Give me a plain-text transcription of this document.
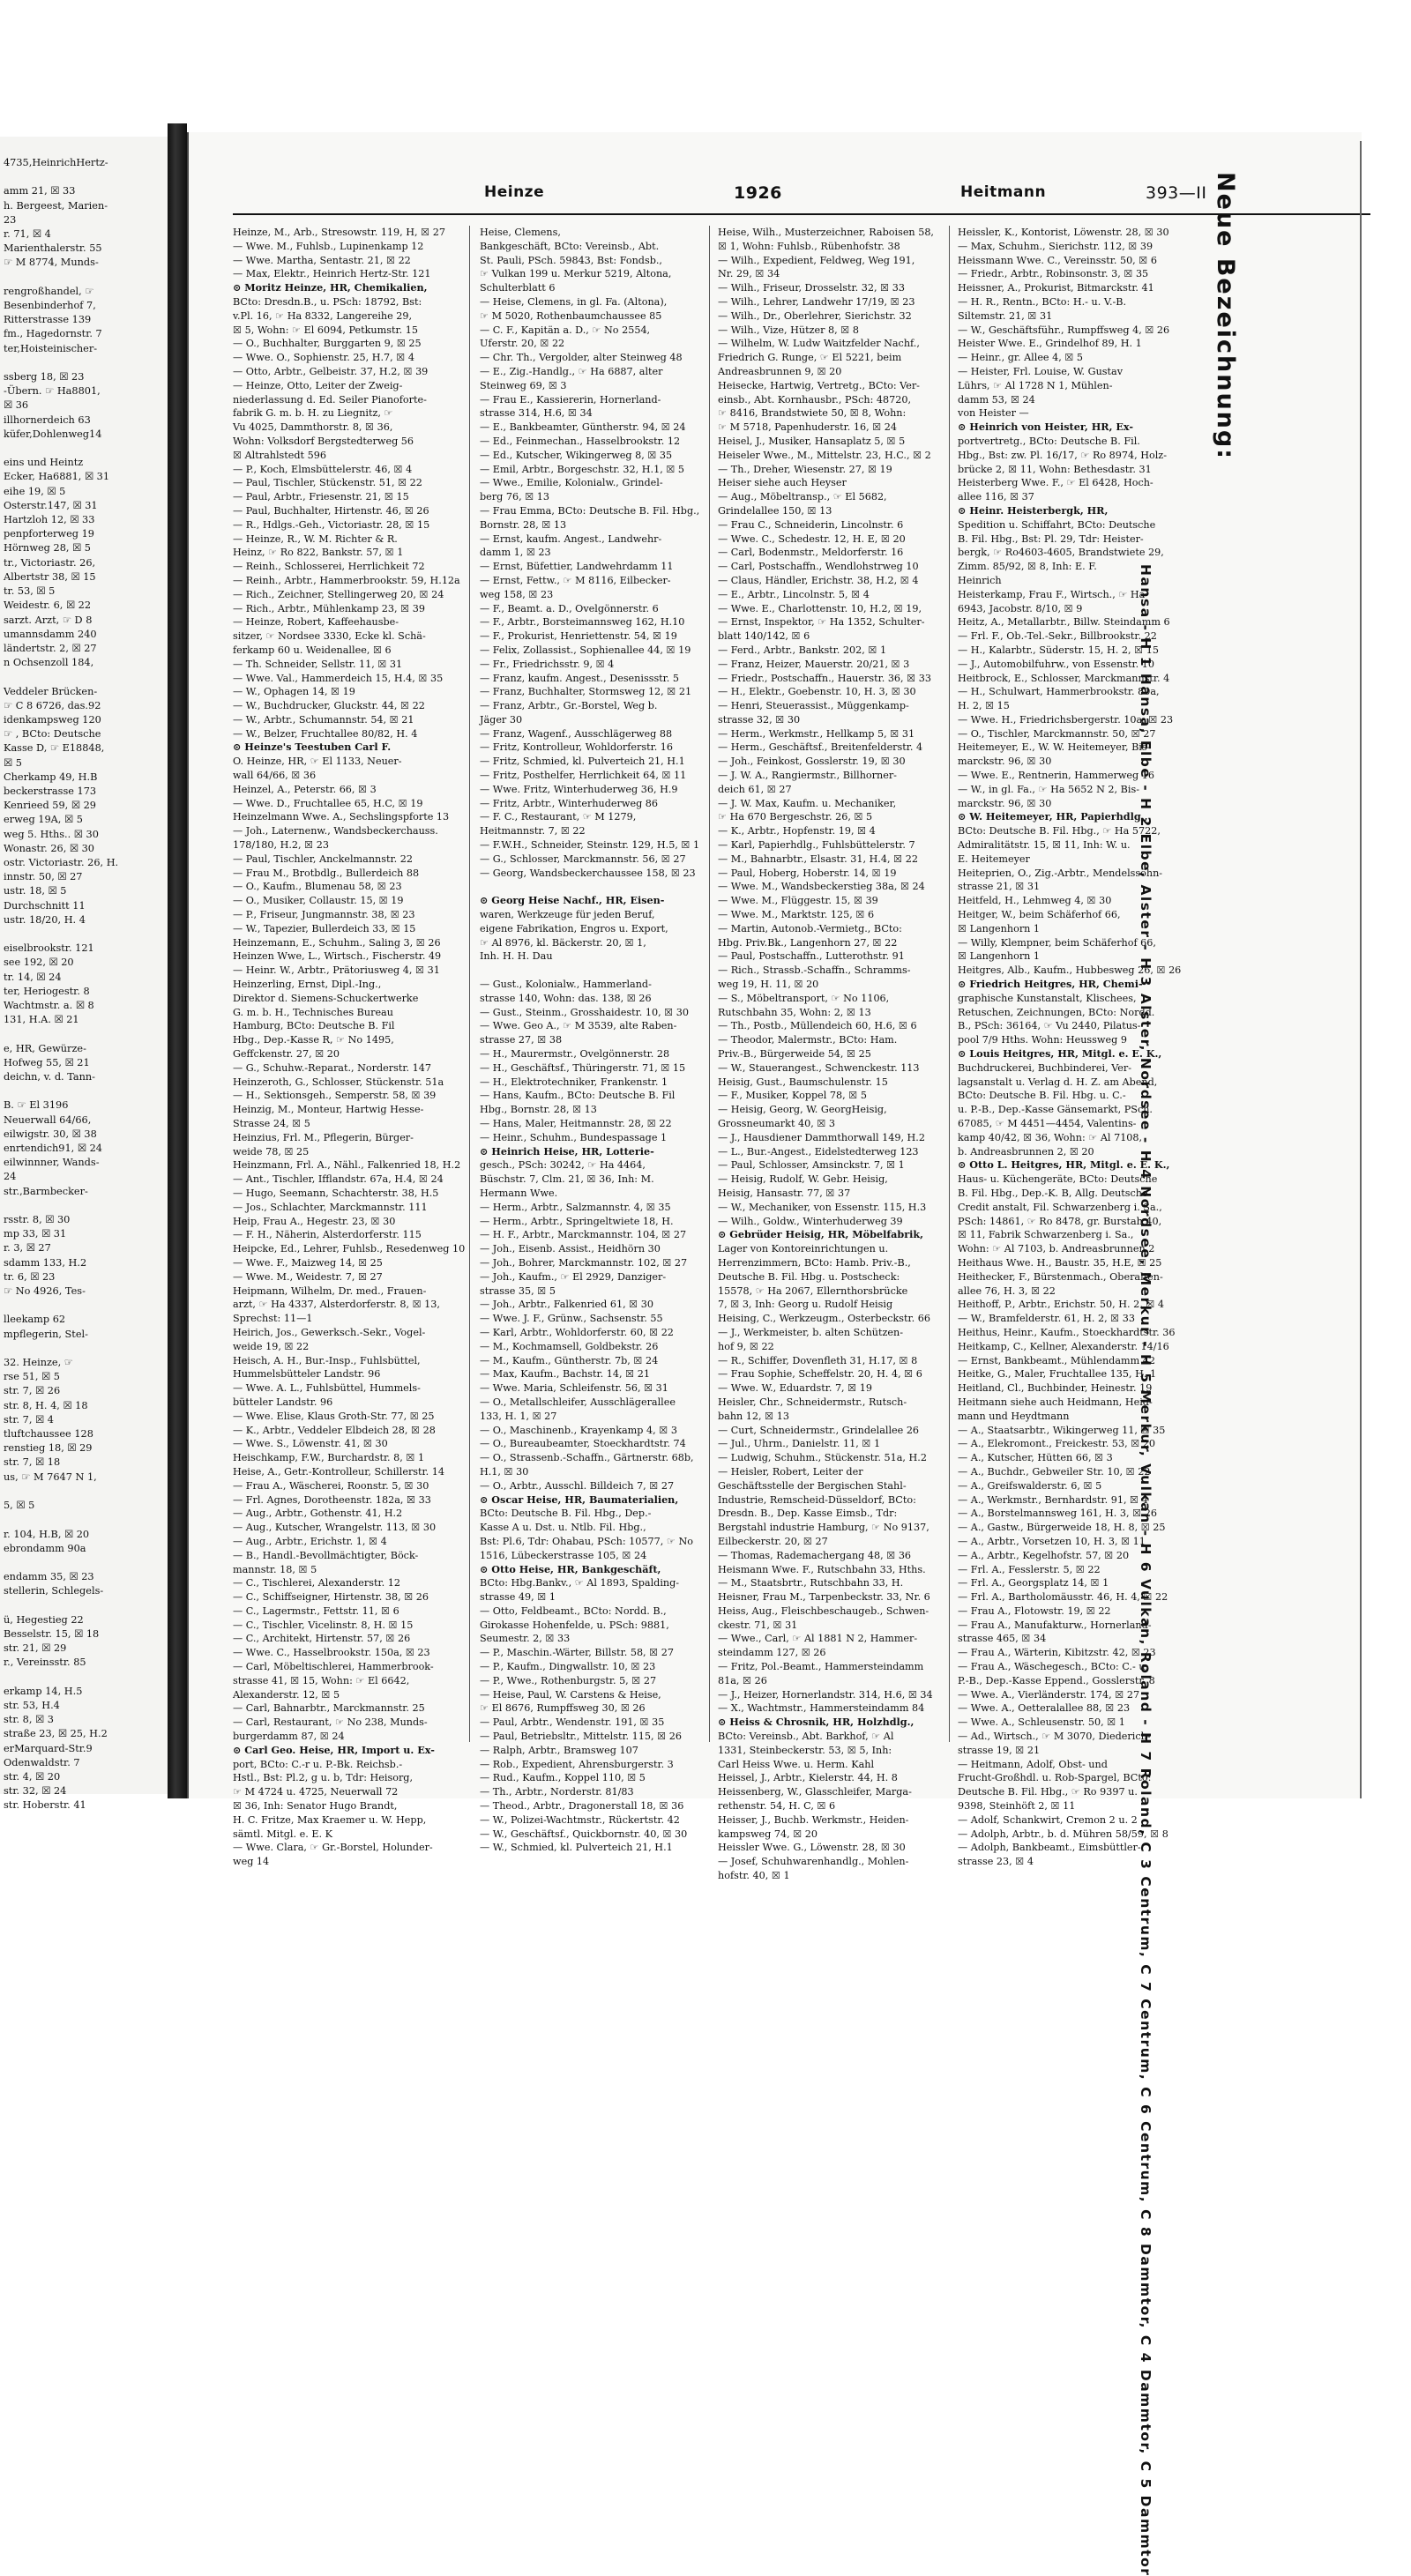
4735,HeinrichHertz-

amm 21, ☒ 33
h. Bergeest, Marien-
23
r. 71, ☒ 4
Marienthalerstr. 55
☞ M 8774, Munds-

rengroßhandel, ☞
Besenbinderhof 7,
Ritterstrasse 139
fm., Hagedornstr. 7
ter,Hoisteinischer-

ssberg 18, ☒ 23
-Übern. ☞ Ha8801,
☒ 36
illhornerdeich 63
küfer,Dohlenweg14

eins und Heintz
Ecker, Ha6881, ☒ 31
eihe 19, ☒ 5
Osterstr.147, ☒ 31
Hartzloh 12, ☒ 33
penpforterweg 19
Hörnweg 28, ☒ 5
tr., Victoriastr. 26,
Albertstr 38, ☒ 15
tr. 53, ☒ 5
Weidestr. 6, ☒ 22
sarzt. Arzt, ☞ D 8
umannsdamm 240
ländertstr. 2, ☒ 27
n Ochsenzoll 184,

Veddeler Brücken-
☞ C 8 6726, das.92
idenkampsweg 120
☞ , BCto: Deutsche
Kasse D, ☞ E18848,
☒ 5
Cherkamp 49, H.B
beckerstrasse 173
Kenrieed 59, ☒ 29
erweg 19A, ☒ 5
weg 5. Hths.. ☒ 30
Wonastr. 26, ☒ 30
ostr. Victoriastr. 26, H.
innstr. 50, ☒ 27
ustr. 18, ☒ 5
Durchschnitt 11
ustr. 18/20, H. 4

eiselbrookstr. 121
see 192, ☒ 20
tr. 14, ☒ 24
ter, Heriogestr. 8
Wachtmstr. a. ☒ 8
131, H.A. ☒ 21

e, HR, Gewürze-
Hofweg 55, ☒ 21
deichn, v. d. Tann-

B. ☞ El 3196
Neuerwall 64/66,
eilwigstr. 30, ☒ 38
enrtendich91, ☒ 24
eilwinnner, Wands-
24
str.,Barmbecker-

rsstr. 8, ☒ 30
mp 33, ☒ 31
r. 3, ☒ 27
sdamm 133, H.2
tr. 6, ☒ 23
☞ No 4926, Tes-

lleekamp 62
mpflegerin, Stel-

32. Heinze, ☞
rse 51, ☒ 5
str. 7, ☒ 26
str. 8, H. 4, ☒ 18
str. 7, ☒ 4
tluftchaussee 128
renstieg 18, ☒ 29
str. 7, ☒ 18
us, ☞ M 7647 N 1,

5, ☒ 5

r. 104, H.B, ☒ 20
ebrondamm 90a

endamm 35, ☒ 23
stellerin, Schlegels-

ü, Hegestieg 22
Besselstr. 15, ☒ 18
str. 21, ☒ 29
r., Vereinsstr. 85

erkamp 14, H.5
str. 53, H.4
str. 8, ☒ 3
straße 23, ☒ 25, H.2
erMarquard-Str.9
Odenwaldstr. 7
str. 4, ☒ 20
str. 32, ☒ 24
str. Hoberstr. 41
Heinze	1926	Heitmann	393—II
Heinze, M., Arb., Stresowstr. 119, H, ☒ 27
— Wwe. M., Fuhlsb., Lupinenkamp 12
— Wwe. Martha, Sentastr. 21, ☒ 22
— Max, Elektr., Heinrich Hertz-Str. 121
⊙ Moritz Heinze, HR, Chemikalien,
BCto: Dresdn.B., u. PSch: 18792, Bst:
v.Pl. 16, ☞ Ha 8332, Langereihe 29,
☒ 5, Wohn: ☞ El 6094, Petkumstr. 15
— O., Buchhalter, Burggarten 9, ☒ 25
— Wwe. O., Sophienstr. 25, H.7, ☒ 4
— Otto, Arbtr., Gelbeistr. 37, H.2, ☒ 39
— Heinze, Otto, Leiter der Zweig-
niederlassung d. Ed. Seiler Pianoforte-
fabrik G. m. b. H. zu Liegnitz, ☞
Vu 4025, Dammthorstr. 8, ☒ 36,
Wohn: Volksdorf Bergstedterweg 56
☒ Altrahlstedt 596
— P., Koch, Elmsbüttelerstr. 46, ☒ 4
— Paul, Tischler, Stückenstr. 51, ☒ 22
— Paul, Arbtr., Friesenstr. 21, ☒ 15
— Paul, Buchhalter, Hirtenstr. 46, ☒ 26
— R., Hdlgs.-Geh., Victoriastr. 28, ☒ 15
— Heinze, R., W. M. Richter & R.
Heinz, ☞ Ro 822, Bankstr. 57, ☒ 1
— Reinh., Schlosserei, Herrlichkeit 72
— Reinh., Arbtr., Hammerbrookstr. 59, H.12a
— Rich., Zeichner, Stellingerweg 20, ☒ 24
— Rich., Arbtr., Mühlenkamp 23, ☒ 39
— Heinze, Robert, Kaffeehausbe-
sitzer, ☞ Nordsee 3330, Ecke kl. Schä-
ferkamp 60 u. Weidenallee, ☒ 6
— Th. Schneider, Sellstr. 11, ☒ 31
— Wwe. Val., Hammerdeich 15, H.4, ☒ 35
— W., Ophagen 14, ☒ 19
— W., Buchdrucker, Gluckstr. 44, ☒ 22
— W., Arbtr., Schumannstr. 54, ☒ 21
— W., Belzer, Fruchtallee 80/82, H. 4
⊙ Heinze's Teestuben Carl F.
O. Heinze, HR, ☞ El 1133, Neuer-
wall 64/66, ☒ 36
Heinzel, A., Peterstr. 66, ☒ 3
— Wwe. D., Fruchtallee 65, H.C, ☒ 19
Heinzelmann Wwe. A., Sechslingspforte 13
— Joh., Laternenw., Wandsbeckerchauss.
178/180, H.2, ☒ 23
— Paul, Tischler, Anckelmannstr. 22
— Frau M., Brotbdlg., Bullerdeich 88
— O., Kaufm., Blumenau 58, ☒ 23
— O., Musiker, Collaustr. 15, ☒ 19
— P., Friseur, Jungmannstr. 38, ☒ 23
— W., Tapezier, Bullerdeich 33, ☒ 15
Heinzemann, E., Schuhm., Saling 3, ☒ 26
Heinzen Wwe, L., Wirtsch., Fischerstr. 49
— Heinr. W., Arbtr., Prätoriusweg 4, ☒ 31
Heinzerling, Ernst, Dipl.-Ing.,
Direktor d. Siemens-Schuckertwerke
G. m. b. H., Technisches Bureau
Hamburg, BCto: Deutsche B. Fil
Hbg., Dep.-Kasse R, ☞ No 1495,
Geffckenstr. 27, ☒ 20
— G., Schuhw.-Reparat., Norderstr. 147
Heinzeroth, G., Schlosser, Stückenstr. 51a
— H., Sektionsgeh., Semperstr. 58, ☒ 39
Heinzig, M., Monteur, Hartwig Hesse-
Strasse 24, ☒ 5
Heinzius, Frl. M., Pflegerin, Bürger-
weide 78, ☒ 25
Heinzmann, Frl. A., Nähl., Falkenried 18, H.2
— Ant., Tischler, Ifflandstr. 67a, H.4, ☒ 24
— Hugo, Seemann, Schachterstr. 38, H.5
— Jos., Schlachter, Marckmannstr. 111
Heip, Frau A., Hegestr. 23, ☒ 30
— F. H., Näherin, Alsterdorferstr. 115
Heipcke, Ed., Lehrer, Fuhlsb., Resedenweg 10
— Wwe. F., Maizweg 14, ☒ 25
— Wwe. M., Weidestr. 7, ☒ 27
Heipmann, Wilhelm, Dr. med., Frauen-
arzt, ☞ Ha 4337, Alsterdorferstr. 8, ☒ 13,
Sprechst: 11—1
Heirich, Jos., Gewerksch.-Sekr., Vogel-
weide 19, ☒ 22
Heisch, A. H., Bur.-Insp., Fuhlsbüttel,
Hummelsbütteler Landstr. 96
— Wwe. A. L., Fuhlsbüttel, Hummels-
bütteler Landstr. 96
— Wwe. Elise, Klaus Groth-Str. 77, ☒ 25
— K., Arbtr., Veddeler Elbdeich 28, ☒ 28
— Wwe. S., Löwenstr. 41, ☒ 30
Heischkamp, F.W., Burchardstr. 8, ☒ 1
Heise, A., Getr.-Kontrolleur, Schillerstr. 14
— Frau A., Wäscherei, Roonstr. 5, ☒ 30
— Frl. Agnes, Dorotheenstr. 182a, ☒ 33
— Aug., Arbtr., Gothenstr. 41, H.2
— Aug., Kutscher, Wrangelstr. 113, ☒ 30
— Aug., Arbtr., Erichstr. 1, ☒ 4
— B., Handl.-Bevollmächtigter, Böck-
mannstr. 18, ☒ 5
— C., Tischlerei, Alexanderstr. 12
— C., Schiffseigner, Hirtenstr. 38, ☒ 26
— C., Lagermstr., Fettstr. 11, ☒ 6
— C., Tischler, Vicelinstr. 8, H. ☒ 15
— C., Architekt, Hirtenstr. 57, ☒ 26
— Wwe. C., Hasselbrookstr. 150a, ☒ 23
— Carl, Möbeltischlerei, Hammerbrook-
strasse 41, ☒ 15, Wohn: ☞ El 6642,
Alexanderstr. 12, ☒ 5
— Carl, Bahnarbtr., Marckmannstr. 25
— Carl, Restaurant, ☞ No 238, Munds-
burgerdamm 87, ☒ 24
⊙ Carl Geo. Heise, HR, Import u. Ex-
port, BCto: C.-r u. P.-Bk. Reichsb.-
Hstl., Bst: Pl.2, g u. b, Tdr: Heisorg,
☞ M 4724 u. 4725, Neuerwall 72
☒ 36, Inh: Senator Hugo Brandt,
H. C. Fritze, Max Kraemer u. W. Hepp,
sämtl. Mitgl. e. E. K
— Wwe. Clara, ☞ Gr.-Borstel, Holunder-
weg 14
Heise, Clemens,
Bankgeschäft, BCto: Vereinsb., Abt.
St. Pauli, PSch. 59843, Bst: Fondsb.,
☞ Vulkan 199 u. Merkur 5219, Altona,
Schulterblatt 6
— Heise, Clemens, in gl. Fa. (Altona),
☞ M 5020, Rothenbaumchaussee 85
— C. F., Kapitän a. D., ☞ No 2554,
Uferstr. 20, ☒ 22
— Chr. Th., Vergolder, alter Steinweg 48
— E., Zig.-Handlg., ☞ Ha 6887, alter
Steinweg 69, ☒ 3
— Frau E., Kassiererin, Hornerland-
strasse 314, H.6, ☒ 34
— E., Bankbeamter, Güntherstr. 94, ☒ 24
— Ed., Feinmechan., Hasselbrookstr. 12
— Ed., Kutscher, Wikingerweg 8, ☒ 35
— Emil, Arbtr., Borgeschstr. 32, H.1, ☒ 5
— Wwe., Emilie, Kolonialw., Grindel-
berg 76, ☒ 13
— Frau Emma, BCto: Deutsche B. Fil. Hbg.,
Bornstr. 28, ☒ 13
— Ernst, kaufm. Angest., Landwehr-
damm 1, ☒ 23
— Ernst, Büfettier, Landwehrdamm 11
— Ernst, Fettw., ☞ M 8116, Eilbecker-
weg 158, ☒ 23
— F., Beamt. a. D., Ovelgönnerstr. 6
— F., Arbtr., Borsteimannsweg 162, H.10
— F., Prokurist, Henriettenstr. 54, ☒ 19
— Felix, Zollassist., Sophienallee 44, ☒ 19
— Fr., Friedrichsstr. 9, ☒ 4
— Franz, kaufm. Angest., Desenissstr. 5
— Franz, Buchhalter, Stormsweg 12, ☒ 21
— Franz, Arbtr., Gr.-Borstel, Weg b.
Jäger 30
— Franz, Wagenf., Ausschlägerweg 88
— Fritz, Kontrolleur, Wohldorferstr. 16
— Fritz, Schmied, kl. Pulverteich 21, H.1
— Fritz, Posthelfer, Herrlichkeit 64, ☒ 11
— Wwe. Fritz, Winterhuderweg 36, H.9
— Fritz, Arbtr., Winterhuderweg 86
— F. C., Restaurant, ☞ M 1279,
Heitmannstr. 7, ☒ 22
— F.W.H., Schneider, Steinstr. 129, H.5, ☒ 1
— G., Schlosser, Marckmannstr. 56, ☒ 27
— Georg, Wandsbeckerchaussee 158, ☒ 23

⊙ Georg Heise Nachf., HR, Eisen-
waren, Werkzeuge für jeden Beruf,
eigene Fabrikation, Engros u. Export,
☞ Al 8976, kl. Bäckerstr. 20, ☒ 1,
Inh. H. H. Dau

— Gust., Kolonialw., Hammerland-
strasse 140, Wohn: das. 138, ☒ 26
— Gust., Steinm., Grosshaidestr. 10, ☒ 30
— Wwe. Geo A., ☞ M 3539, alte Raben-
strasse 27, ☒ 38
— H., Maurermstr., Ovelgönnerstr. 28
— H., Geschäftsf., Thüringerstr. 71, ☒ 15
— H., Elektrotechniker, Frankenstr. 1
— Hans, Kaufm., BCto: Deutsche B. Fil
Hbg., Bornstr. 28, ☒ 13
— Hans, Maler, Heitmannstr. 28, ☒ 22
— Heinr., Schuhm., Bundespassage 1
⊙ Heinrich Heise, HR, Lotterie-
gesch., PSch: 30242, ☞ Ha 4464,
Büschstr. 7, Clm. 21, ☒ 36, Inh: M.
Hermann Wwe.
— Herm., Arbtr., Salzmannstr. 4, ☒ 35
— Herm., Arbtr., Springeltwiete 18, H.
— H. F., Arbtr., Marckmannstr. 104, ☒ 27
— Joh., Eisenb. Assist., Heidhörn 30
— Joh., Bohrer, Marckmannstr. 102, ☒ 27
— Joh., Kaufm., ☞ El 2929, Danziger-
strasse 35, ☒ 5
— Joh., Arbtr., Falkenried 61, ☒ 30
— Wwe. J. F., Grünw., Sachsenstr. 55
— Karl, Arbtr., Wohldorferstr. 60, ☒ 22
— M., Kochmamsell, Goldbekstr. 26
— M., Kaufm., Güntherstr. 7b, ☒ 24
— Max, Kaufm., Bachstr. 14, ☒ 21
— Wwe. Maria, Schleifenstr. 56, ☒ 31
— O., Metallschleifer, Ausschlägerallee
133, H. 1, ☒ 27
— O., Maschinenb., Krayenkamp 4, ☒ 3
— O., Bureaubeamter, Stoeckhardtstr. 74
— O., Strassenb.-Schaffn., Gärtnerstr. 68b,
H.1, ☒ 30
— O., Arbtr., Ausschl. Billdeich 7, ☒ 27
⊙ Oscar Heise, HR, Baumaterialien,
BCto: Deutsche B. Fil. Hbg., Dep.-
Kasse A u. Dst. u. Ntlb. Fil. Hbg.,
Bst: Pl.6, Tdr: Ohabau, PSch: 10577, ☞ No
1516, Lübeckerstrasse 105, ☒ 24
⊙ Otto Heise, HR, Bankgeschäft,
BCto: Hbg.Bankv., ☞ Al 1893, Spalding-
strasse 49, ☒ 1
— Otto, Feldbeamt., BCto: Nordd. B.,
Girokasse Hohenfelde, u. PSch: 9881,
Seumestr. 2, ☒ 33
— P., Maschin.-Wärter, Billstr. 58, ☒ 27
— P., Kaufm., Dingwallstr. 10, ☒ 23
— P., Wwe., Rothenburgstr. 5, ☒ 27
— Heise, Paul, W. Carstens & Heise,
☞ El 8676, Rumpffsweg 30, ☒ 26
— Paul, Arbtr., Wendenstr. 191, ☒ 35
— Paul, Betriebsltr., Mittelstr. 115, ☒ 26
— Ralph, Arbtr., Bramsweg 107
— Rob., Expedient, Ahrensburgerstr. 3
— Rud., Kaufm., Koppel 110, ☒ 5
— Th., Arbtr., Norderstr. 81/83
— Theod., Arbtr., Dragonerstall 18, ☒ 36
— W., Polizei-Wachtmstr., Rückertstr. 42
— W., Geschäftsf., Quickbornstr. 40, ☒ 30
— W., Schmied, kl. Pulverteich 21, H.1
Heise, Wilh., Musterzeichner, Raboisen 58,
☒ 1, Wohn: Fuhlsb., Rübenhofstr. 38
— Wilh., Expedient, Feldweg, Weg 191,
Nr. 29, ☒ 34
— Wilh., Friseur, Drosselstr. 32, ☒ 33
— Wilh., Lehrer, Landwehr 17/19, ☒ 23
— Wilh., Dr., Oberlehrer, Sierichstr. 32
— Wilh., Vize, Hützer 8, ☒ 8
— Wilhelm, W. Ludw Waitzfelder Nachf.,
Friedrich G. Runge, ☞ El 5221, beim
Andreasbrunnen 9, ☒ 20
Heisecke, Hartwig, Vertretg., BCto: Ver-
einsb., Abt. Kornhausbr., PSch: 48720,
☞ 8416, Brandstwiete 50, ☒ 8, Wohn:
☞ M 5718, Papenhuderstr. 16, ☒ 24
Heisel, J., Musiker, Hansaplatz 5, ☒ 5
Heiseler Wwe., M., Mittelstr. 23, H.C., ☒ 2
— Th., Dreher, Wiesenstr. 27, ☒ 19
Heiser siehe auch Heyser
— Aug., Möbeltransp., ☞ El 5682,
Grindelallee 150, ☒ 13
— Frau C., Schneiderin, Lincolnstr. 6
— Wwe. C., Schedestr. 12, H. E, ☒ 20
— Carl, Bodenmstr., Meldorferstr. 16
— Carl, Postschaffn., Wendlohstrweg 10
— Claus, Händler, Erichstr. 38, H.2, ☒ 4
— E., Arbtr., Lincolnstr. 5, ☒ 4
— Wwe. E., Charlottenstr. 10, H.2, ☒ 19,
— Ernst, Inspektor, ☞ Ha 1352, Schulter-
blatt 140/142, ☒ 6
— Ferd., Arbtr., Bankstr. 202, ☒ 1
— Franz, Heizer, Mauerstr. 20/21, ☒ 3
— Friedr., Postschaffn., Hauerstr. 36, ☒ 33
— H., Elektr., Goebenstr. 10, H. 3, ☒ 30
— Henri, Steuerassist., Müggenkamp-
strasse 32, ☒ 30
— Herm., Werkmstr., Hellkamp 5, ☒ 31
— Herm., Geschäftsf., Breitenfelderstr. 4
— Joh., Feinkost, Gosslerstr. 19, ☒ 30
— J. W. A., Rangiermstr., Billhorner-
deich 61, ☒ 27
— J. W. Max, Kaufm. u. Mechaniker,
☞ Ha 670 Bergeschstr. 26, ☒ 5
— K., Arbtr., Hopfenstr. 19, ☒ 4
— Karl, Papierhdlg., Fuhlsbüttelerstr. 7
— M., Bahnarbtr., Elsastr. 31, H.4, ☒ 22
— Paul, Hoberg, Hoberstr. 14, ☒ 19
— Wwe. M., Wandsbeckerstieg 38a, ☒ 24
— Wwe. M., Flüggestr. 15, ☒ 39
— Wwe. M., Marktstr. 125, ☒ 6
— Martin, Autonob.-Vermietg., BCto:
Hbg. Priv.Bk., Langenhorn 27, ☒ 22
— Paul, Postschaffn., Lutterothstr. 91
— Rich., Strassb.-Schaffn., Schramms-
weg 19, H. 11, ☒ 20
— S., Möbeltransport, ☞ No 1106,
Rutschbahn 35, Wohn: 2, ☒ 13
— Th., Postb., Müllendeich 60, H.6, ☒ 6
— Theodor, Malermstr., BCto: Ham.
Priv.-B., Bürgerweide 54, ☒ 25
— W., Stauerangest., Schwenckestr. 113
Heisig, Gust., Baumschulenstr. 15
— F., Musiker, Koppel 78, ☒ 5
— Heisig, Georg, W. GeorgHeisig,
Grossneumarkt 40, ☒ 3
— J., Hausdiener Dammthorwall 149, H.2
— L., Bur.-Angest., Eidelstedterweg 123
— Paul, Schlosser, Amsinckstr. 7, ☒ 1
— Heisig, Rudolf, W. Gebr. Heisig,
Heisig, Hansastr. 77, ☒ 37
— W., Mechaniker, von Essenstr. 115, H.3
— Wilh., Goldw., Winterhuderweg 39
⊙ Gebrüder Heisig, HR, Möbelfabrik,
Lager von Kontoreinrichtungen u.
Herrenzimmern, BCto: Hamb. Priv.-B.,
Deutsche B. Fil. Hbg. u. Postscheck:
15578, ☞ Ha 2067, Ellernthorsbrücke
7, ☒ 3, Inh: Georg u. Rudolf Heisig
Heising, C., Werkzeugm., Osterbeckstr. 66
— J., Werkmeister, b. alten Schützen-
hof 9, ☒ 22
— R., Schiffer, Dovenfleth 31, H.17, ☒ 8
— Frau Sophie, Scheffelstr. 20, H. 4, ☒ 6
— Wwe. W., Eduardstr. 7, ☒ 19
Heisler, Chr., Schneidermstr., Rutsch-
bahn 12, ☒ 13
— Curt, Schneidermstr., Grindelallee 26
— Jul., Uhrm., Danielstr. 11, ☒ 1
— Ludwig, Schuhm., Stückenstr. 51a, H.2
— Heisler, Robert, Leiter der
Geschäftsstelle der Bergischen Stahl-
Industrie, Remscheid-Düsseldorf, BCto:
Dresdn. B., Dep. Kasse Eimsb., Tdr:
Bergstahl industrie Hamburg, ☞ No 9137,
Eilbeckerstr. 20, ☒ 27
— Thomas, Rademachergang 48, ☒ 36
Heismann Wwe. F., Rutschbahn 33, Hths.
— M., Staatsbrtr., Rutschbahn 33, H.
Heisner, Frau M., Tarpenbeckstr. 33, Nr. 6
Heiss, Aug., Fleischbeschaugeb., Schwen-
ckestr. 71, ☒ 31
— Wwe., Carl, ☞ Al 1881 N 2, Hammer-
steindamm 127, ☒ 26
— Fritz, Pol.-Beamt., Hammersteindamm
81a, ☒ 26
— J., Heizer, Hornerlandstr. 314, H.6, ☒ 34
— X., Wachtmstr., Hammersteindamm 84
⊙ Heiss & Chrosnik, HR, Holzhdlg.,
BCto: Vereinsb., Abt. Barkhof, ☞ Al
1331, Steinbeckerstr. 53, ☒ 5, Inh:
Carl Heiss Wwe. u. Herm. Kahl
Heissel, J., Arbtr., Kielerstr. 44, H. 8
Heissenberg, W., Glasschleifer, Marga-
rethenstr. 54, H. C, ☒ 6
Heisser, J., Buchb. Werkmstr., Heiden-
kampsweg 74, ☒ 20
Heissler Wwe. G., Löwenstr. 28, ☒ 30
— Josef, Schuhwarenhandlg., Mohlen-
hofstr. 40, ☒ 1
Heissler, K., Kontorist, Löwenstr. 28, ☒ 30
— Max, Schuhm., Sierichstr. 112, ☒ 39
Heissmann Wwe. C., Vereinsstr. 50, ☒ 6
— Friedr., Arbtr., Robinsonstr. 3, ☒ 35
Heissner, A., Prokurist, Bitmarckstr. 41
— H. R., Rentn., BCto: H.- u. V.-B.
Siltemstr. 21, ☒ 31
— W., Geschäftsführ., Rumpffsweg 4, ☒ 26
Heister Wwe. E., Grindelhof 89, H. 1
— Heinr., gr. Allee 4, ☒ 5
— Heister, Frl. Louise, W. Gustav
Lührs, ☞ Al 1728 N 1, Mühlen-
damm 53, ☒ 24
von Heister —
⊙ Heinrich von Heister, HR, Ex-
portvertretg., BCto: Deutsche B. Fil.
Hbg., Bst: zw. Pl. 16/17, ☞ Ro 8974, Holz-
brücke 2, ☒ 11, Wohn: Bethesdastr. 31
Heisterberg Wwe. F., ☞ El 6428, Hoch-
allee 116, ☒ 37
⊙ Heinr. Heisterbergk, HR,
Spedition u. Schiffahrt, BCto: Deutsche
B. Fil. Hbg., Bst: Pl. 29, Tdr: Heister-
bergk, ☞ Ro4603-4605, Brandstwiete 29,
Zimm. 85/92, ☒ 8, Inh: E. F.
Heinrich
Heisterkamp, Frau F., Wirtsch., ☞ Ha
6943, Jacobstr. 8/10, ☒ 9
Heitz, A., Metallarbtr., Billw. Steindamm 6
— Frl. F., Ob.-Tel.-Sekr., Billbrookstr. 22
— H., Kalarbtr., Süderstr. 15, H. 2, ☒ 15
— J., Automobilfuhrw., von Essenstr. 10
Heitbrock, E., Schlosser, Marckmannstr. 4
— H., Schulwart, Hammerbrookstr. 80a,
H. 2, ☒ 15
— Wwe. H., Friedrichsbergerstr. 10a, ☒ 23
— O., Tischler, Marckmannstr. 50, ☒ 27
Heitemeyer, E., W. W. Heitemeyer, Bis-
marckstr. 96, ☒ 30
— Wwe. E., Rentnerin, Hammerweg 16
— W., in gl. Fa., ☞ Ha 5652 N 2, Bis-
marckstr. 96, ☒ 30
⊙ W. Heitemeyer, HR, Papierhdlg.,
BCto: Deutsche B. Fil. Hbg., ☞ Ha 5722,
Admiralitätstr. 15, ☒ 11, Inh: W. u.
E. Heitemeyer
Heiteprien, O., Zig.-Arbtr., Mendelssohn-
strasse 21, ☒ 31
Heitfeld, H., Lehmweg 4, ☒ 30
Heitger, W., beim Schäferhof 66,
☒ Langenhorn 1
— Willy, Klempner, beim Schäferhof 66,
☒ Langenhorn 1
Heitgres, Alb., Kaufm., Hubbesweg 26, ☒ 26
⊙ Friedrich Heitgres, HR, Chemi-
graphische Kunstanstalt, Klischees,
Retuschen, Zeichnungen, BCto: Nordd.
B., PSch: 36164, ☞ Vu 2440, Pilatus-
pool 7/9 Hths. Wohn: Heussweg 9
⊙ Louis Heitgres, HR, Mitgl. e. E. K.,
Buchdruckerei, Buchbinderei, Ver-
lagsanstalt u. Verlag d. H. Z. am Abend,
BCto: Deutsche B. Fil. Hbg. u. C.-
u. P.-B., Dep.-Kasse Gänsemarkt, PSch.
67085, ☞ M 4451—4454, Valentins-
kamp 40/42, ☒ 36, Wohn: ☞ Al 7108,
b. Andreasbrunnen 2, ☒ 20
⊙ Otto L. Heitgres, HR, Mitgl. e. E. K.,
Haus- u. Küchengeräte, BCto: Deutsche
B. Fil. Hbg., Dep.-K. B, Allg. Deutsche
Credit anstalt, Fil. Schwarzenberg i. Sa.,
PSch: 14861, ☞ Ro 8478, gr. Burstah 40,
☒ 11, Fabrik Schwarzenberg i. Sa.,
Wohn: ☞ Al 7103, b. Andreasbrunnen 2
Heithaus Wwe. H., Baustr. 35, H.E, ☒ 25
Heithecker, F., Bürstenmach., Oberalten-
allee 76, H. 3, ☒ 22
Heithoff, P., Arbtr., Erichstr. 50, H. 2, ☒ 4
— W., Bramfelderstr. 61, H. 2, ☒ 33
Heithus, Heinr., Kaufm., Stoeckhardtstr. 36
Heitkamp, C., Kellner, Alexanderstr. 14/16
— Ernst, Bankbeamt., Mühlendamm 42
Heitke, G., Maler, Fruchtallee 135, H. 1
Heitland, Cl., Buchbinder, Heinestr. 19
Heitmann siehe auch Heidmann, Heid-
mann und Heydtmann
— A., Staatsarbtr., Wikingerweg 11, ☒ 35
— A., Elekromont., Freickestr. 53, ☒ 20
— A., Kutscher, Hütten 66, ☒ 3
— A., Buchdr., Gebweiler Str. 10, ☒ 22
— A., Greifswalderstr. 6, ☒ 5
— A., Werkmstr., Bernhardstr. 91, ☒ 4
— A., Borstelmannsweg 161, H. 3, ☒ 26
— A., Gastw., Bürgerweide 18, H. 8, ☒ 25
— A., Arbtr., Vorsetzen 10, H. 3, ☒ 11
— A., Arbtr., Kegelhofstr. 57, ☒ 20
— Frl. A., Fesslerstr. 5, ☒ 22
— Frl. A., Georgsplatz 14, ☒ 1
— Frl. A., Bartholomäusstr. 46, H. 4, ☒ 22
— Frau A., Flotowstr. 19, ☒ 22
— Frau A., Manufakturw., Hornerland-
strasse 465, ☒ 34
— Frau A., Wärterin, Kibitzstr. 42, ☒ 23
— Frau A., Wäschegesch., BCto: C.- u.
P.-B., Dep.-Kasse Eppend., Gosslerstr. 8
— Wwe. A., Vierländerstr. 174, ☒ 27
— Wwe. A., Oetteralallee 88, ☒ 23
— Wwe. A., Schleusenstr. 50, ☒ 1
— Ad., Wirtsch., ☞ M 3070, Diederich-
strasse 19, ☒ 21
— Heitmann, Adolf, Obst- und
Frucht-Großhdl. u. Rob-Spargel, BCto:
Deutsche B. Fil. Hbg., ☞ Ro 9397 u.
9398, Steinhöft 2, ☒ 11
— Adolf, Schankwirt, Cremon 2 u. 2
— Adolph, Arbtr., b. d. Mühren 58/59, ☒ 8
— Adolph, Bankbeamt., Eimsbüttler-
strasse 23, ☒ 4
Neue Bezeichnung:
Hansa - H 1 Hansa, Elbe - H 2 Elbe, Alster - H 3 Alster, Nordsee - H 4 Nordsee, Merkur - H 5 Merkur, Vulkan - H 6 Vulkan, Roland - H 7 Roland, C 3 Centrum, C 7 Centrum, C 6 Centrum, C 8 Dammtor, C 4 Dammtor, C 5 Dammtor
